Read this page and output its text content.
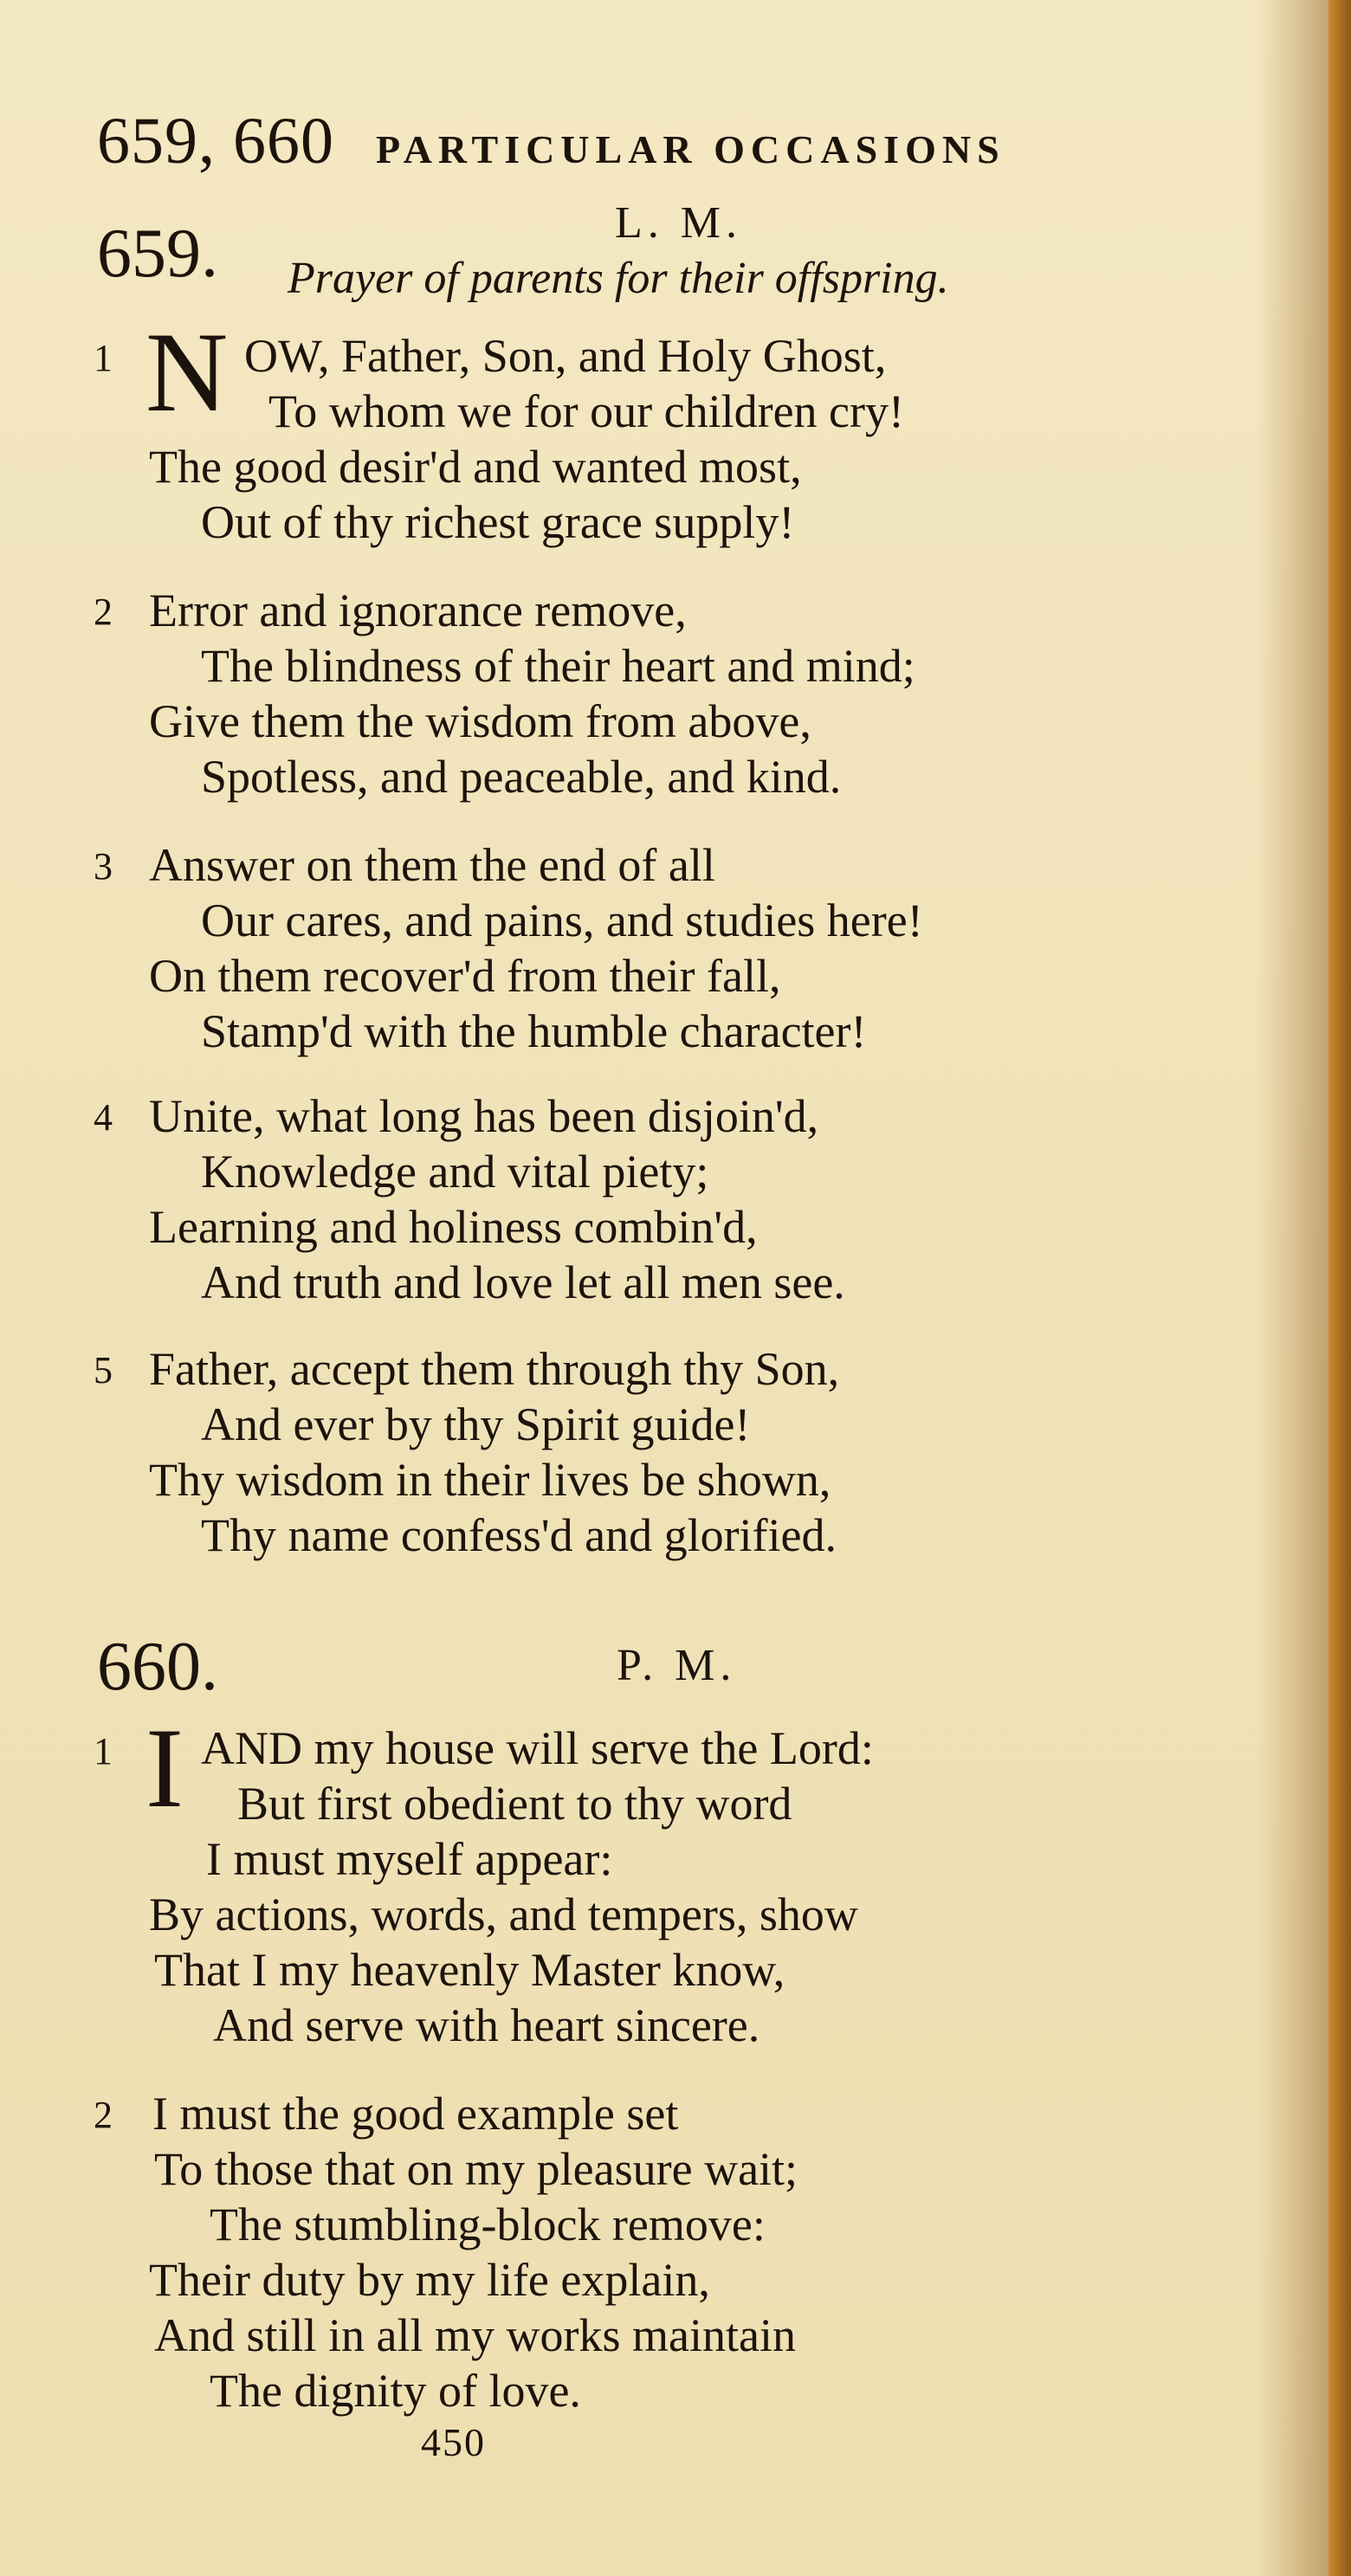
659, 660 PARTICULAR OCCASIONS
659.	L. M.
Prayer of parents for their offspring.
1 N OW, Father, Son, and Holy Ghost,
To whom we for our children cry!
The good desir'd and wanted most,
Out of thy richest grace supply!
2 Error and ignorance remove,
The blindness of their heart and mind;
Give them the wisdom from above,
Spotless, and peaceable, and kind.
3 Answer on them the end of all
Our cares, and pains, and studies here!
On them recover'd from their fall,
Stamp'd with the humble character!
4 Unite, what long has been disjoin'd,
Knowledge and vital piety;
Learning and holiness combin'd,
And truth and love let all men see.
5 Father, accept them through thy Son,
And ever by thy Spirit guide!
Thy wisdom in their lives be shown,
Thy name confess'd and glorified.
660.	P. M.
1 I AND my house will serve the Lord:
But first obedient to thy word
I must myself appear:
By actions, words, and tempers, show
That I my heavenly Master know,
And serve with heart sincere.
2 I must the good example set
To those that on my pleasure wait;
The stumbling-block remove:
Their duty by my life explain,
And still in all my works maintain
The dignity of love.
450
